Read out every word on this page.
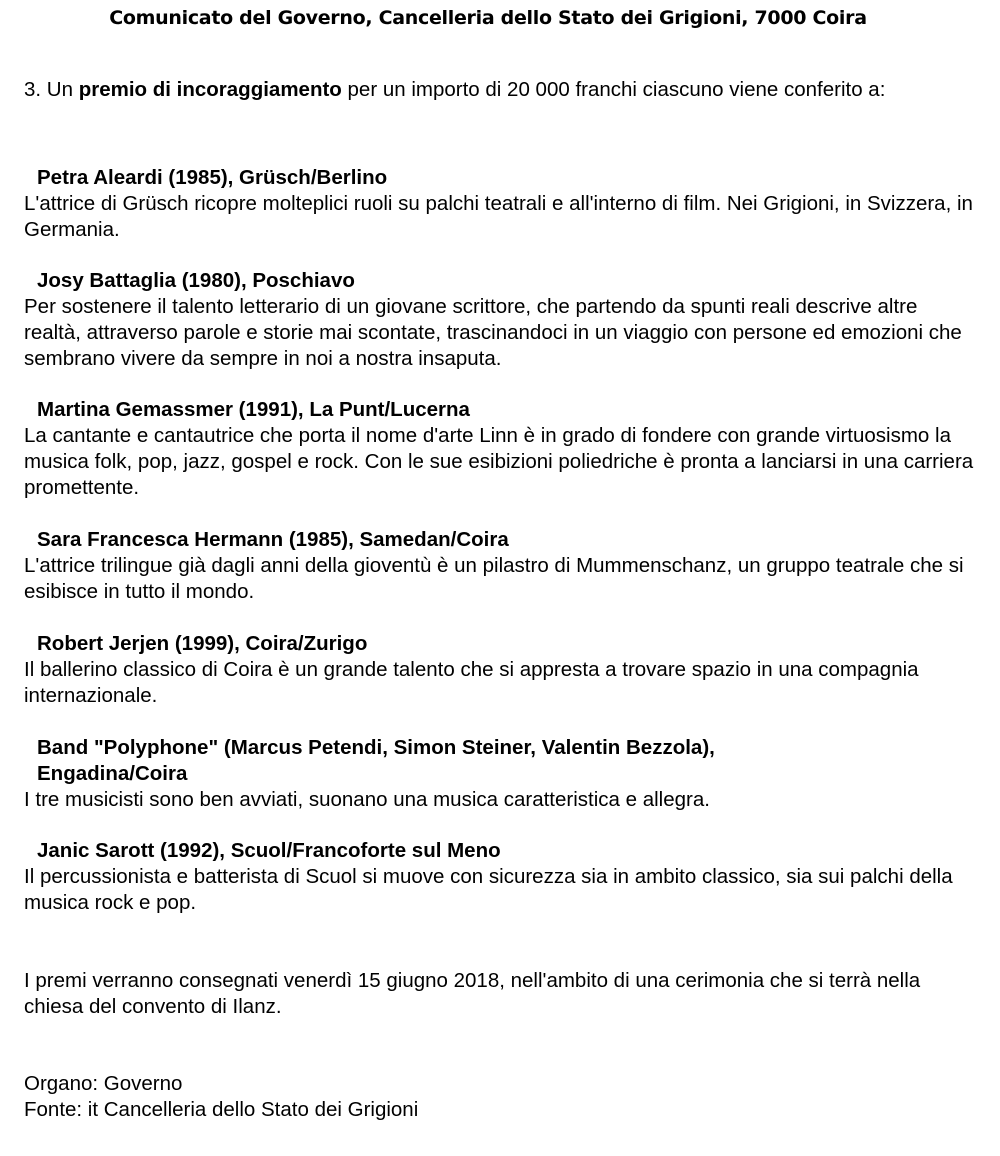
Comunicato del Governo, Cancelleria dello Stato dei Grigioni, 7000 Coira
3. Un premio di incoraggiamento per un importo di 20 000 franchi ciascuno viene conferito a:
Petra Aleardi (1985), Grüsch/Berlino
L'attrice di Grüsch ricopre molteplici ruoli su palchi teatrali e all'interno di film. Nei Grigioni, in Svizzera, in Germania.
Josy Battaglia (1980), Poschiavo
Per sostenere il talento letterario di un giovane scrittore, che partendo da spunti reali descrive altre realtà, attraverso parole e storie mai scontate, trascinandoci in un viaggio con persone ed emozioni che sembrano vivere da sempre in noi a nostra insaputa.
Martina Gemassmer (1991), La Punt/Lucerna
La cantante e cantautrice che porta il nome d'arte Linn è in grado di fondere con grande virtuosismo la musica folk, pop, jazz, gospel e rock. Con le sue esibizioni poliedriche è pronta a lanciarsi in una carriera promettente.
Sara Francesca Hermann (1985), Samedan/Coira
L'attrice trilingue già dagli anni della gioventù è un pilastro di Mummenschanz, un gruppo teatrale che si esibisce in tutto il mondo.
Robert Jerjen (1999), Coira/Zurigo
Il ballerino classico di Coira è un grande talento che si appresta a trovare spazio in una compagnia internazionale.
Band "Polyphone" (Marcus Petendi, Simon Steiner, Valentin Bezzola), Engadina/Coira
I tre musicisti sono ben avviati, suonano una musica caratteristica e allegra.
Janic Sarott (1992), Scuol/Francoforte sul Meno
Il percussionista e batterista di Scuol si muove con sicurezza sia in ambito classico, sia sui palchi della musica rock e pop.
I premi verranno consegnati venerdì 15 giugno 2018, nell'ambito di una cerimonia che si terrà nella chiesa del convento di Ilanz.
Organo: Governo
Fonte: it Cancelleria dello Stato dei Grigioni
